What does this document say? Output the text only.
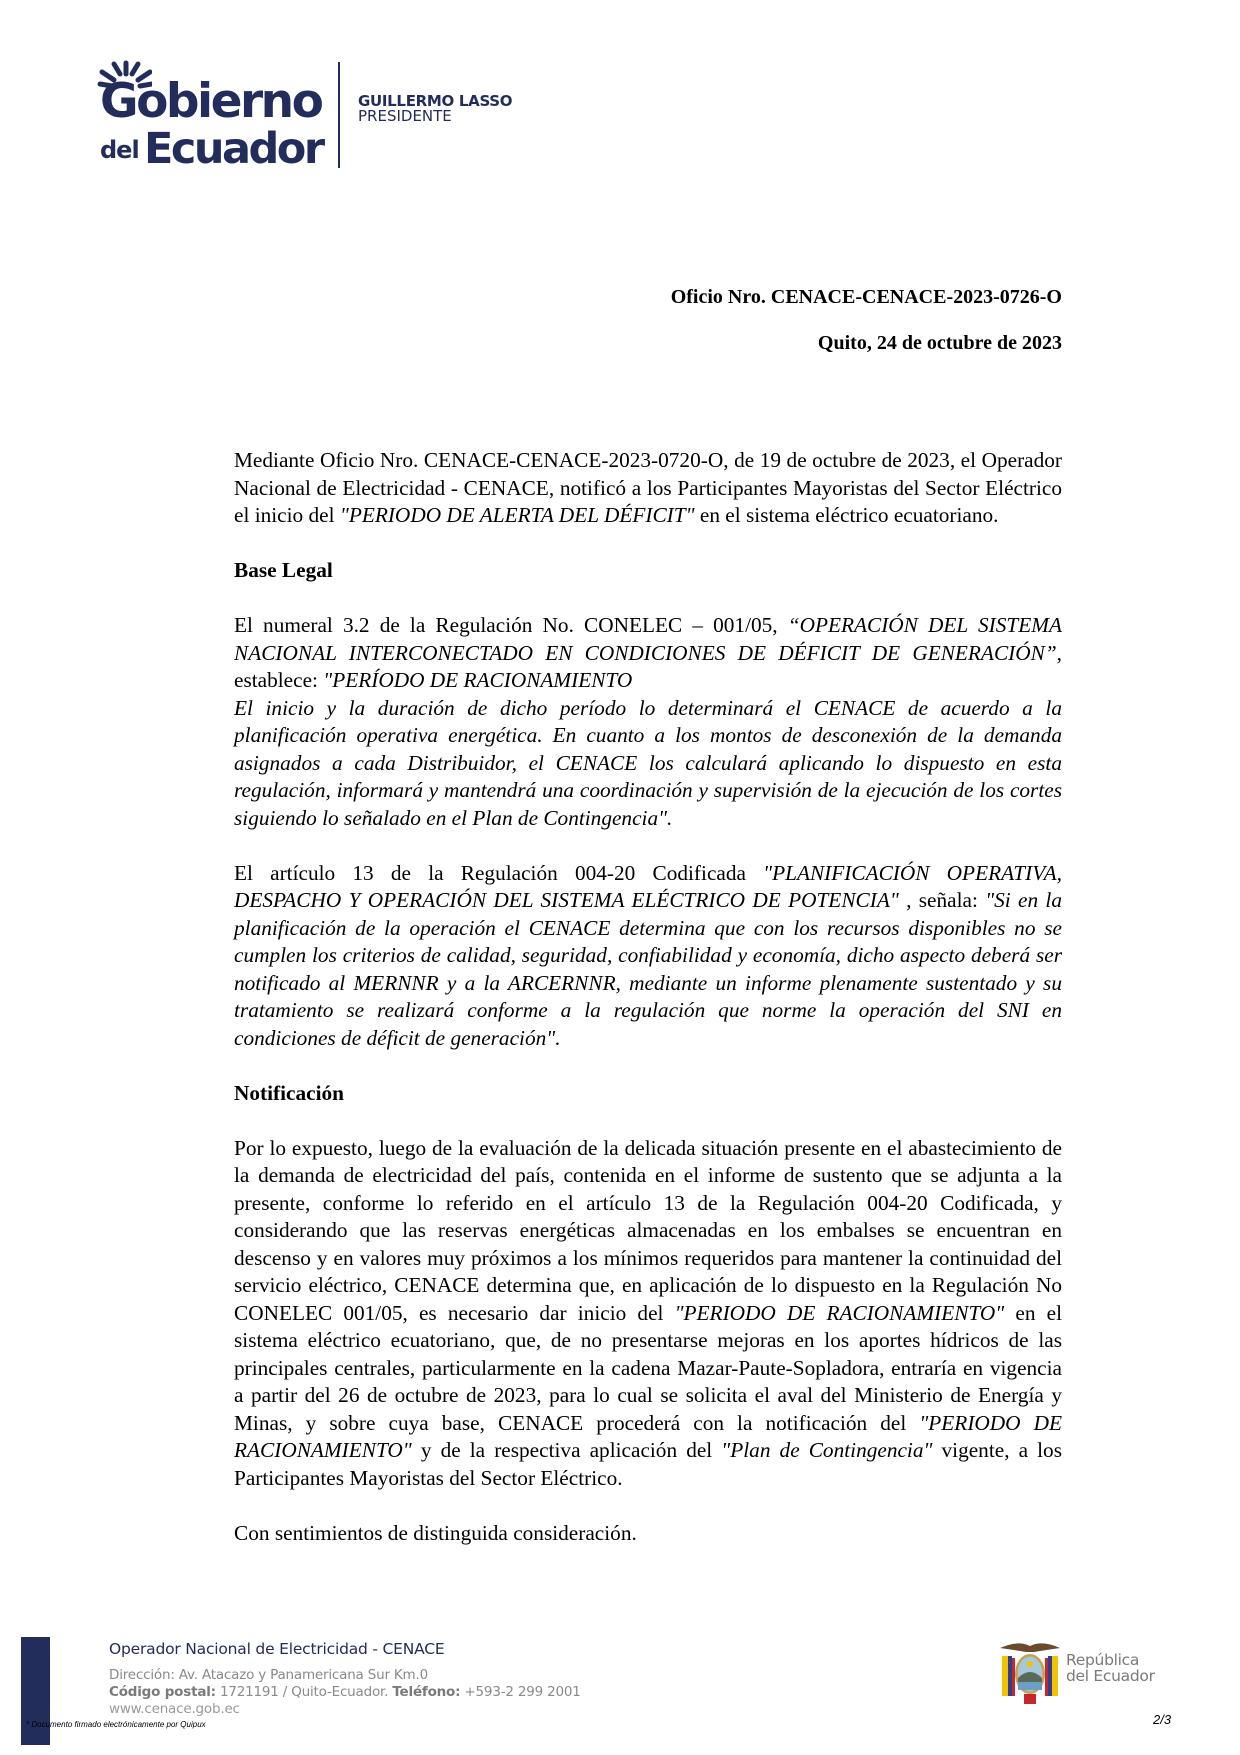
Gobierno
del Ecuador
GUILLERMO LASSO
PRESIDENTE
Oficio Nro. CENACE-CENACE-2023-0726-O
Quito, 24 de octubre de 2023

Mediante Oficio Nro. CENACE-CENACE-2023-0720-O, de 19 de octubre de 2023, el Operador Nacional de Electricidad - CENACE, notificó a los Participantes Mayoristas del Sector Eléctrico el inicio del "PERIODO DE ALERTA DEL DÉFICIT" en el sistema eléctrico ecuatoriano.

Base Legal

El numeral 3.2 de la Regulación No. CONELEC – 001/05, “OPERACIÓN DEL SISTEMA NACIONAL INTERCONECTADO EN CONDICIONES DE DÉFICIT DE GENERACIÓN”, establece: "PERÍODO DE RACIONAMIENTO
El inicio y la duración de dicho período lo determinará el CENACE de acuerdo a la planificación operativa energética. En cuanto a los montos de desconexión de la demanda asignados a cada Distribuidor, el CENACE los calculará aplicando lo dispuesto en esta regulación, informará y mantendrá una coordinación y supervisión de la ejecución de los cortes siguiendo lo señalado en el Plan de Contingencia".

El artículo 13 de la Regulación 004-20 Codificada "PLANIFICACIÓN OPERATIVA, DESPACHO Y OPERACIÓN DEL SISTEMA ELÉCTRICO DE POTENCIA" , señala: "Si en la planificación de la operación el CENACE determina que con los recursos disponibles no se cumplen los criterios de calidad, seguridad, confiabilidad y economía, dicho aspecto deberá ser notificado al MERNNR y a la ARCERNNR, mediante un informe plenamente sustentado y su tratamiento se realizará conforme a la regulación que norme la operación del SNI en condiciones de déficit de generación".

Notificación

Por lo expuesto, luego de la evaluación de la delicada situación presente en el abastecimiento de la demanda de electricidad del país, contenida en el informe de sustento que se adjunta a la presente, conforme lo referido en el artículo 13 de la Regulación 004-20 Codificada, y considerando que las reservas energéticas almacenadas en los embalses se encuentran en descenso y en valores muy próximos a los mínimos requeridos para mantener la continuidad del servicio eléctrico, CENACE determina que, en aplicación de lo dispuesto en la Regulación No CONELEC 001/05, es necesario dar inicio del "PERIODO DE RACIONAMIENTO" en el sistema eléctrico ecuatoriano, que, de no presentarse mejoras en los aportes hídricos de las principales centrales, particularmente en la cadena Mazar-Paute-Sopladora, entraría en vigencia a partir del 26 de octubre de 2023, para lo cual se solicita el aval del Ministerio de Energía y Minas, y sobre cuya base, CENACE procederá con la notificación del "PERIODO DE RACIONAMIENTO" y de la respectiva aplicación del "Plan de Contingencia" vigente, a los Participantes Mayoristas del Sector Eléctrico.

Con sentimientos de distinguida consideración.

Operador Nacional de Electricidad - CENACE
Dirección: Av. Atacazo y Panamericana Sur Km.0
Código postal: 1721191 / Quito-Ecuador. Teléfono: +593-2 299 2001
www.cenace.gob.ec
* Documento firmado electrónicamente por Quipux
República
del Ecuador
2/3
